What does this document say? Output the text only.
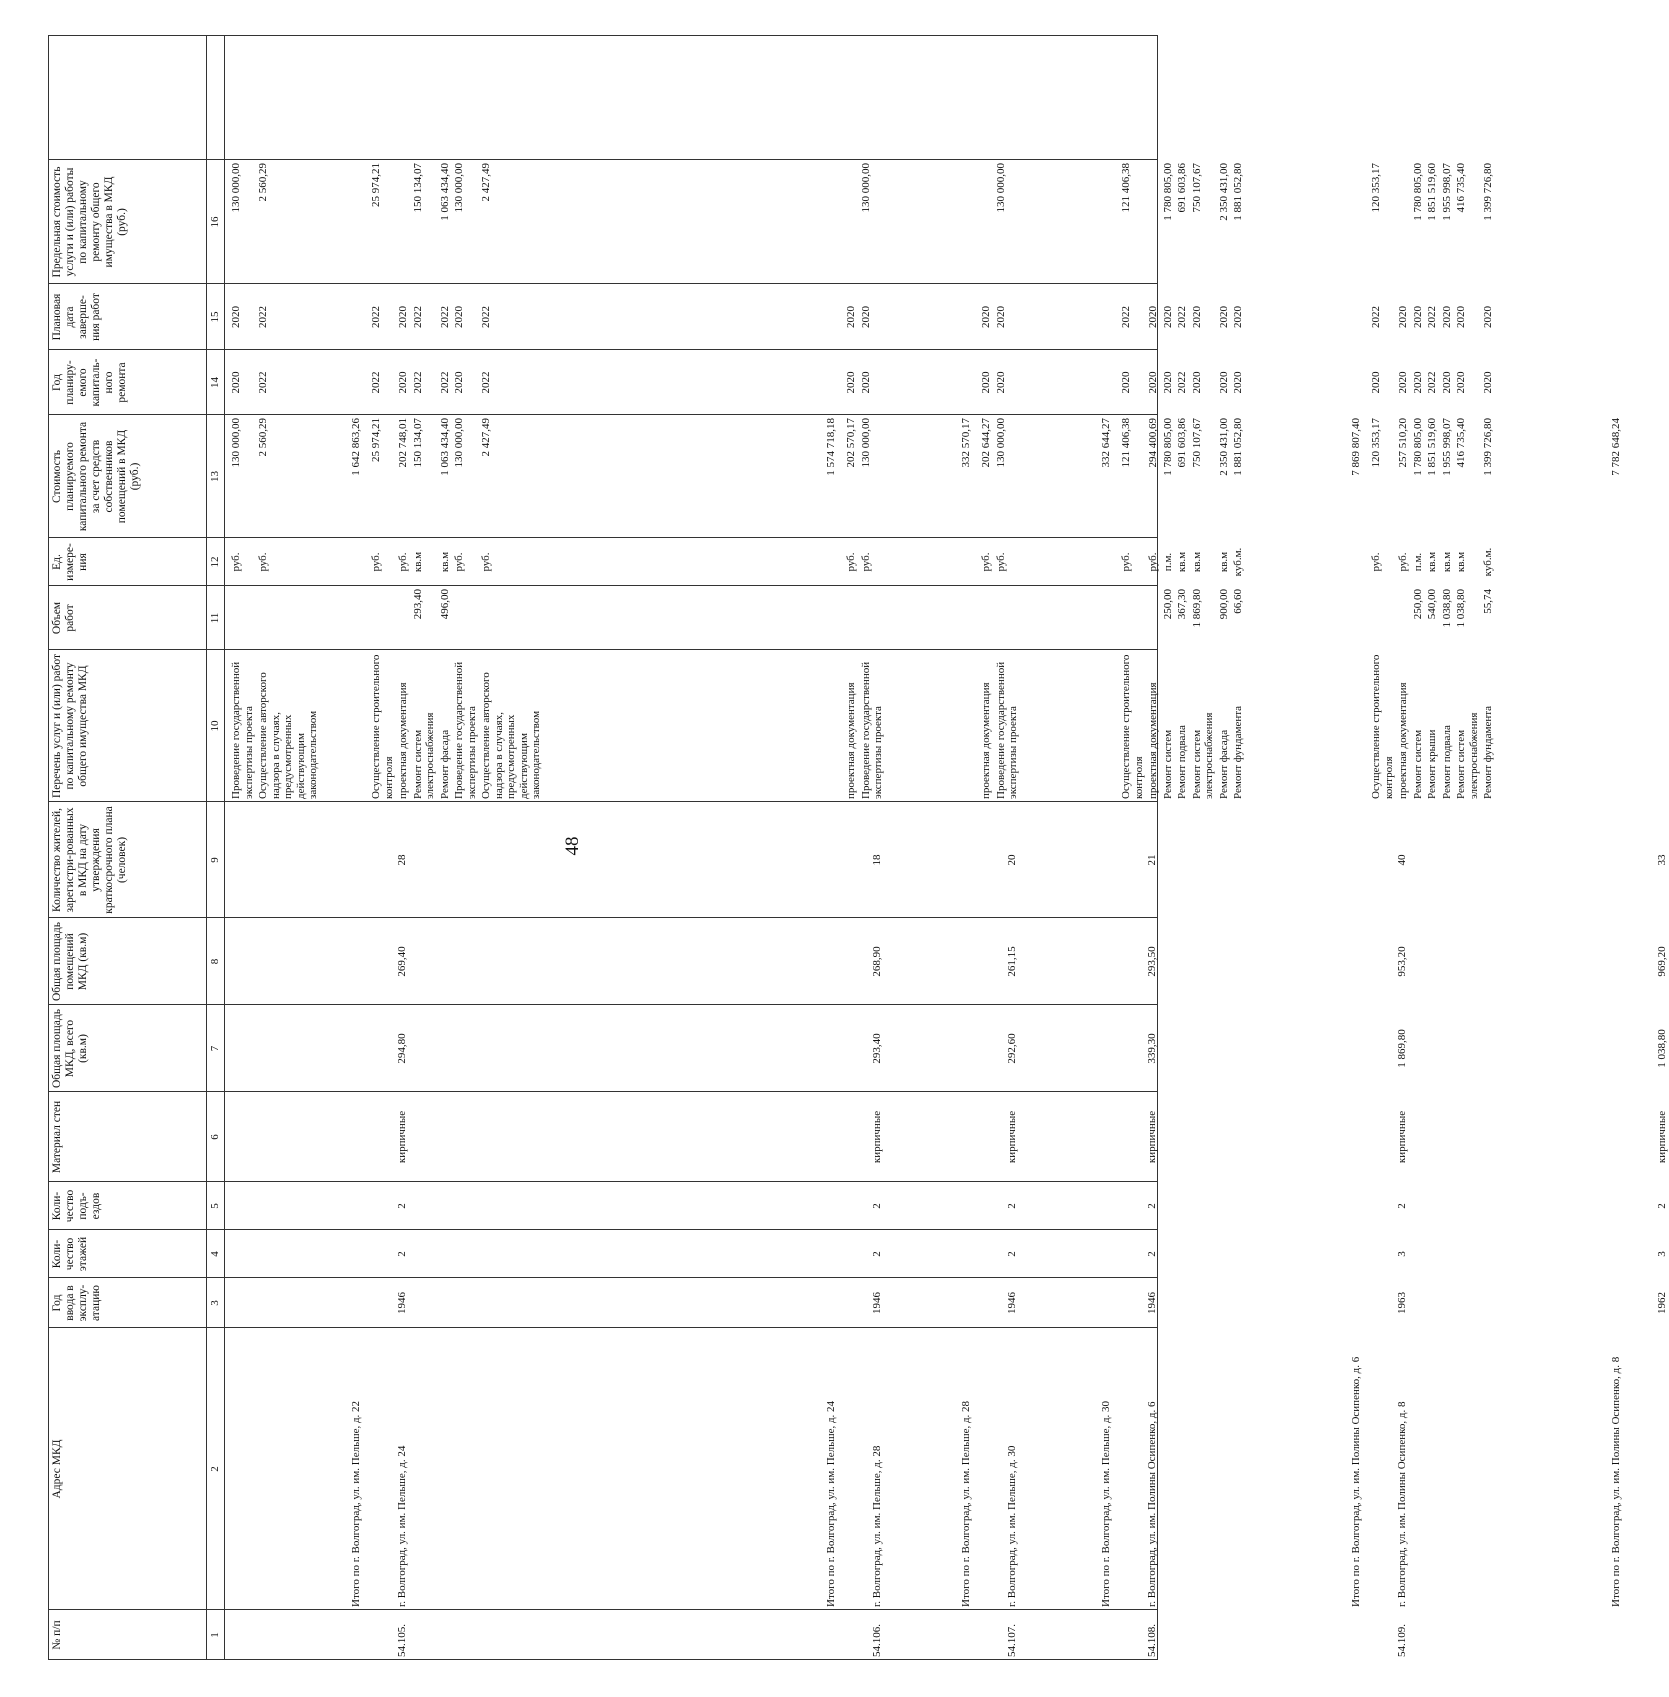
48
№ п/п
Адрес МКД
Год ввода в эксплу-атацию
Коли-чество этажей
Коли-чество подъ-ездов
Материал стен
Общая площадь МКД, всего (кв.м)
Общая площадь помещений МКД (кв.м)
Количество жителей, зарегистри-рованных в МКД на дату утверждения краткосрочного плана (человек)
Перечень услуг и (или) работ по капитальному ремонту общего имущества МКД
Объем работ
Ед. измере-ния
Стоимость планируемого капитального ремонта за счет средств собственников помещений в МКД (руб.)
Год планиру-емого капиталь-ного ремонта
Плановая дата заверше-ния работ
Предельная стоимость услуги и (или) работы по капитальному ремонту общего имущества в МКД (руб.)
1
2
3
4
5
6
7
8
9
10
11
12
13
14
15
16
Проведение государственной экспертизы проекта
руб.
130 000,00
2020
2020
130 000,00
Осуществление авторского надзора в случаях, предусмотренных действующим законодательством
руб.
2 560,29
2022
2022
2 560,29
Итого по г. Волгоград, ул. им. Пельше, д. 22
1 642 863,26
54.105.
г. Волгоград, ул. им. Пельше, д. 24
1946
2
2
кирпичные
294,80
269,40
28
Осуществление строительного контроля
руб.
25 974,21
2022
2022
25 974,21
проектная документация
руб.
202 748,01
2020
2020
Ремонт систем электроснабжения
293,40
кв.м
150 134,07
2022
2022
150 134,07
Ремонт фасада
496,00
кв.м
1 063 434,40
2022
2022
1 063 434,40
Проведение государственной экспертизы проекта
руб.
130 000,00
2020
2020
130 000,00
Осуществление авторского надзора в случаях, предусмотренных действующим законодательством
руб.
2 427,49
2022
2022
2 427,49
Итого по г. Волгоград, ул. им. Пельше, д. 24
1 574 718,18
54.106.
г. Волгоград, ул. им. Пельше, д. 28
1946
2
2
кирпичные
293,40
268,90
18
проектная документация
руб.
202 570,17
2020
2020
Проведение государственной экспертизы проекта
руб.
130 000,00
2020
2020
130 000,00
Итого по г. Волгоград, ул. им. Пельше, д. 28
332 570,17
54.107.
г. Волгоград, ул. им. Пельше, д. 30
1946
2
2
кирпичные
292,60
261,15
20
проектная документация
руб.
202 644,27
2020
2020
Проведение государственной экспертизы проекта
руб.
130 000,00
2020
2020
130 000,00
Итого по г. Волгоград, ул. им. Пельше, д. 30
332 644,27
54.108.
г. Волгоград, ул. им. Полины Осипенко, д. 6
1946
2
2
кирпичные
339,30
293,50
21
Осуществление строительного контроля
руб.
121 406,38
2020
2022
121 406,38
проектная документация
руб.
294 400,69
2020
2020
Ремонт систем
250,00
п.м.
1 780 805,00
2020
2020
1 780 805,00
Ремонт подвала
367,30
кв.м
691 603,86
2022
2022
691 603,86
Ремонт систем электроснабжения
1 869,80
кв.м
750 107,67
2020
2020
750 107,67
Ремонт фасада
900,00
кв.м
2 350 431,00
2020
2020
2 350 431,00
Ремонт фундамента
66,60
куб.м.
1 881 052,80
2020
2020
1 881 052,80
Итого по г. Волгоград, ул. им. Полины Осипенко, д. 6
7 869 807,40
54.109.
г. Волгоград, ул. им. Полины Осипенко, д. 8
1963
3
2
кирпичные
1 869,80
953,20
40
Осуществление строительного контроля
руб.
120 353,17
2020
2022
120 353,17
проектная документация
руб.
257 510,20
2020
2020
Ремонт систем
250,00
п.м.
1 780 805,00
2020
2020
1 780 805,00
Ремонт крыши
540,00
кв.м
1 851 519,60
2022
2022
1 851 519,60
Ремонт подвала
1 038,80
кв.м
1 955 998,07
2020
2020
1 955 998,07
Ремонт систем электроснабжения
1 038,80
кв.м
416 735,40
2020
2020
416 735,40
Ремонт фундамента
55,74
куб.м.
1 399 726,80
2020
2020
1 399 726,80
Итого по г. Волгоград, ул. им. Полины Осипенко, д. 8
7 782 648,24
1962
3
2
кирпичные
1 038,80
969,20
33
